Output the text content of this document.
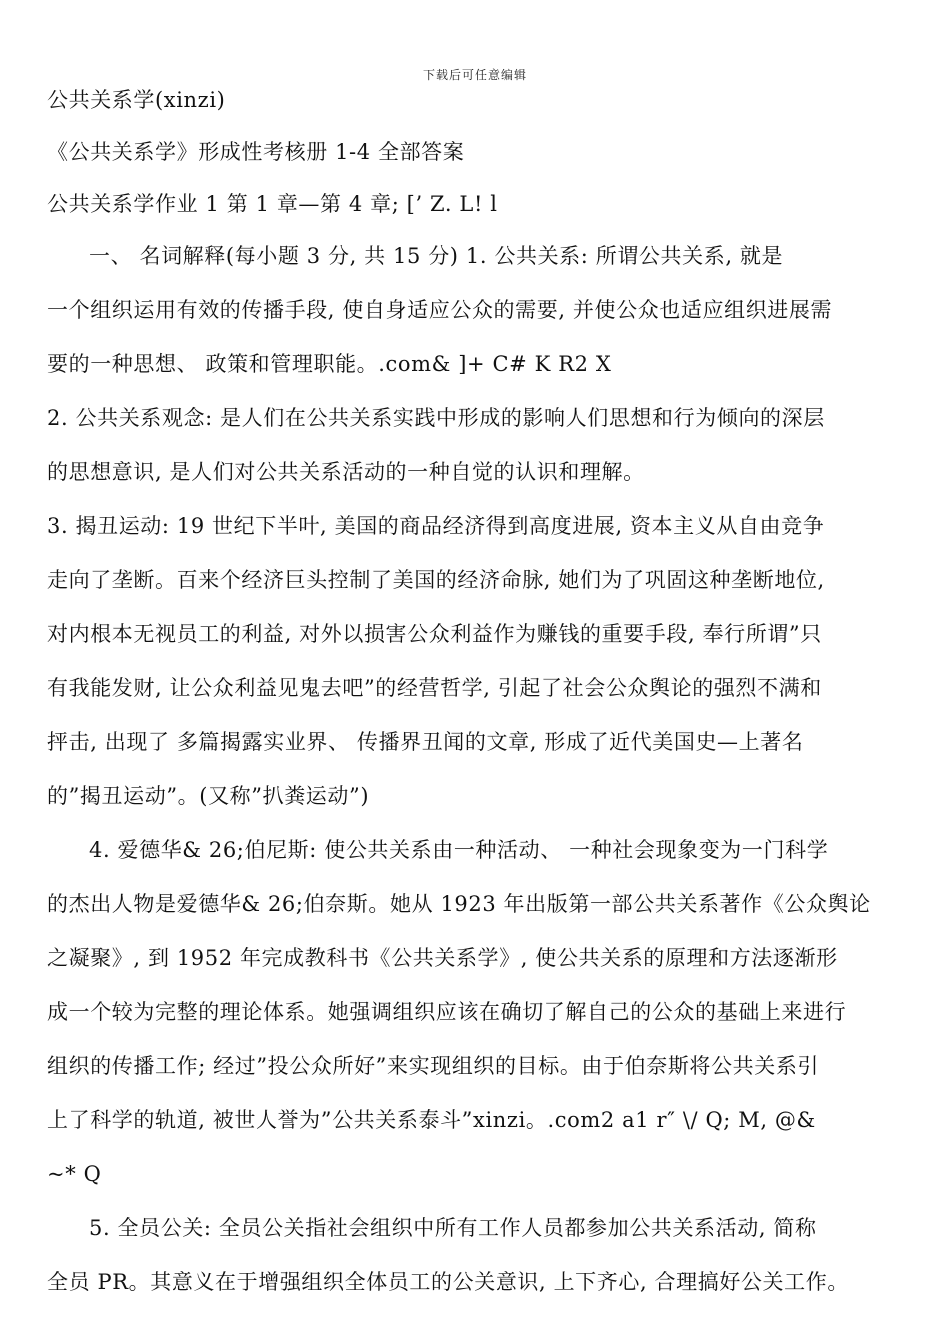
下载后可任意编辑
公共关系学(xinzi)
《公共关系学》形成性考核册 1-4 全部答案
公共关系学作业 1 第 1 章—第 4 章; [’ Z. L! l
一、 名词解释(每小题 3 分, 共 15 分) 1. 公共关系: 所谓公共关系, 就是
一个组织运用有效的传播手段, 使自身适应公众的需要, 并使公众也适应组织进展需
要的一种思想、 政策和管理职能。.com& ]+ C# K R2 X
2. 公共关系观念: 是人们在公共关系实践中形成的影响人们思想和行为倾向的深层
的思想意识, 是人们对公共关系活动的一种自觉的认识和理解。
3. 揭丑运动: 19 世纪下半叶, 美国的商品经济得到高度进展, 资本主义从自由竞争
走向了垄断。百来个经济巨头控制了美国的经济命脉, 她们为了巩固这种垄断地位,
对内根本无视员工的利益, 对外以损害公众利益作为赚钱的重要手段, 奉行所谓”只
有我能发财, 让公众利益见鬼去吧”的经营哲学, 引起了社会公众舆论的强烈不满和
抨击, 出现了 多篇揭露实业界、 传播界丑闻的文章, 形成了近代美国史—上著名
的”揭丑运动”。(又称”扒粪运动”)
4. 爱德华& 26;伯尼斯: 使公共关系由一种活动、 一种社会现象变为一门科学
的杰出人物是爱德华& 26;伯奈斯。她从 1923 年出版第一部公共关系著作《公众舆论
之凝聚》, 到 1952 年完成教科书《公共关系学》, 使公共关系的原理和方法逐渐形
成一个较为完整的理论体系。她强调组织应该在确切了解自己的公众的基础上来进行
组织的传播工作; 经过”投公众所好”来实现组织的目标。由于伯奈斯将公共关系引
上了科学的轨道, 被世人誉为”公共关系泰斗”xinzi。.com2 a1 r″ \/ Q; M, @&
~* Q
5. 全员公关: 全员公关指社会组织中所有工作人员都参加公共关系活动, 简称
全员 PR。其意义在于增强组织全体员工的公关意识, 上下齐心, 合理搞好公关工作。
